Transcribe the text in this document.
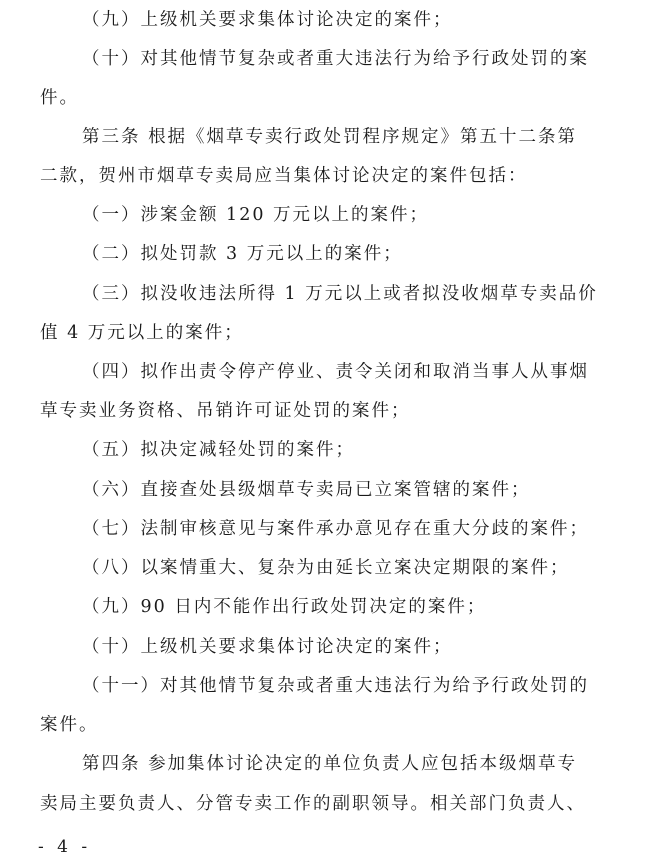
（九）上级机关要求集体讨论决定的案件；
（十）对其他情节复杂或者重大违法行为给予行政处罚的案
件。
第三条 根据《烟草专卖行政处罚程序规定》第五十二条第
二款，贺州市烟草专卖局应当集体讨论决定的案件包括：
（一）涉案金额 120 万元以上的案件；
（二）拟处罚款 3 万元以上的案件；
（三）拟没收违法所得 1 万元以上或者拟没收烟草专卖品价
值 4 万元以上的案件；
（四）拟作出责令停产停业、责令关闭和取消当事人从事烟
草专卖业务资格、吊销许可证处罚的案件；
（五）拟决定减轻处罚的案件；
（六）直接查处县级烟草专卖局已立案管辖的案件；
（七）法制审核意见与案件承办意见存在重大分歧的案件；
（八）以案情重大、复杂为由延长立案决定期限的案件；
（九）90 日内不能作出行政处罚决定的案件；
（十）上级机关要求集体讨论决定的案件；
（十一）对其他情节复杂或者重大违法行为给予行政处罚的
案件。
第四条 参加集体讨论决定的单位负责人应包括本级烟草专
卖局主要负责人、分管专卖工作的副职领导。相关部门负责人、
- 4 -
